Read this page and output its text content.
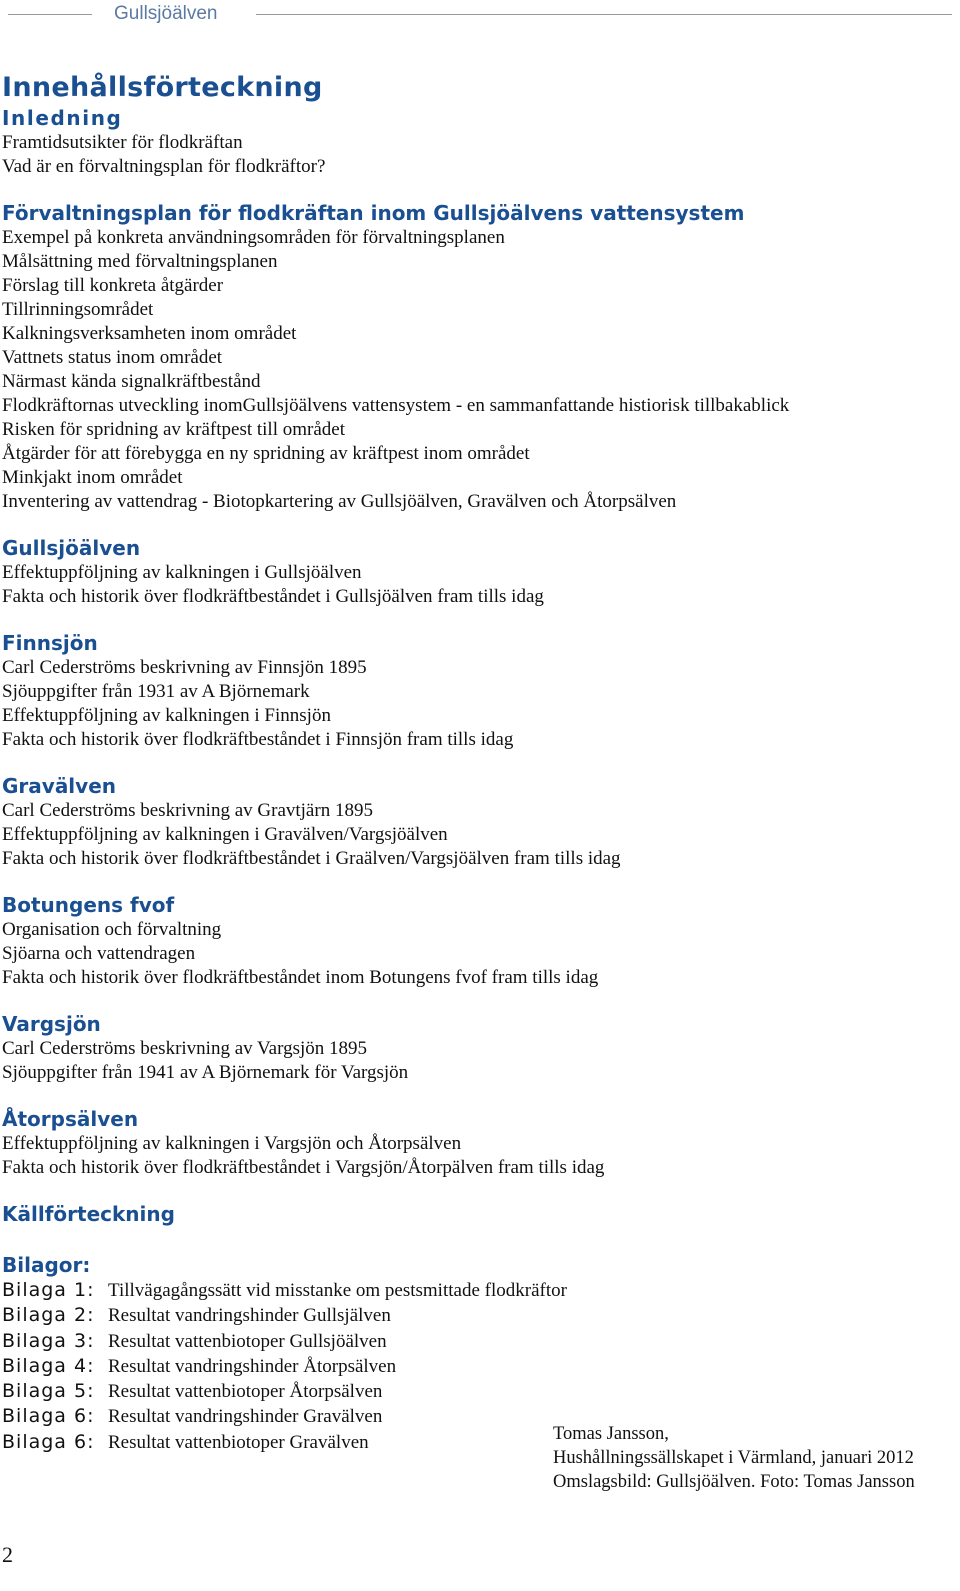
Gullsjöälven
Innehållsförteckning
Inledning
Framtidsutsikter för flodkräftan
Vad är en förvaltningsplan för flodkräftor?
Förvaltningsplan för flodkräftan inom Gullsjöälvens vattensystem
Exempel på konkreta användningsområden för förvaltningsplanen
Målsättning med förvaltningsplanen
Förslag till konkreta åtgärder
Tillrinningsområdet
Kalkningsverksamheten inom området
Vattnets status inom området
Närmast kända signalkräftbestånd
Flodkräftornas utveckling inomGullsjöälvens vattensystem - en sammanfattande histiorisk tillbakablick
Risken för spridning av kräftpest till området
Åtgärder för att förebygga en ny spridning av kräftpest inom området
Minkjakt inom området
Inventering av vattendrag - Biotopkartering av Gullsjöälven, Gravälven och Åtorpsälven
Gullsjöälven
Effektuppföljning av kalkningen i Gullsjöälven
Fakta och historik över flodkräftbeståndet i Gullsjöälven fram tills idag
Finnsjön
Carl Cederströms beskrivning av Finnsjön 1895
Sjöuppgifter från 1931 av A Björnemark
Effektuppföljning av kalkningen i Finnsjön
Fakta och historik över flodkräftbeståndet i Finnsjön fram tills idag
Gravälven
Carl Cederströms beskrivning av Gravtjärn 1895
Effektuppföljning av kalkningen i Gravälven/Vargsjöälven
Fakta och historik över flodkräftbeståndet i Graälven/Vargsjöälven fram tills idag
Botungens fvof
Organisation och förvaltning
Sjöarna och vattendragen
Fakta och historik över flodkräftbeståndet inom Botungens fvof fram tills idag
Vargsjön
Carl Cederströms beskrivning av Vargsjön 1895
Sjöuppgifter från 1941 av A Björnemark för Vargsjön
Åtorpsälven
Effektuppföljning av kalkningen i Vargsjön och Åtorpsälven
Fakta och historik över flodkräftbeståndet i Vargsjön/Åtorpälven fram tills idag
Källförteckning
Bilagor:
Bilaga 1: Tillvägagångssätt vid misstanke om pestsmittade flodkräftor
Bilaga 2: Resultat vandringshinder Gullsjälven
Bilaga 3: Resultat vattenbiotoper Gullsjöälven
Bilaga 4: Resultat vandringshinder Åtorpsälven
Bilaga 5: Resultat vattenbiotoper Åtorpsälven
Bilaga 6: Resultat vandringshinder Gravälven
Bilaga 6: Resultat vattenbiotoper Gravälven	Tomas Jansson,
Hushållningssällskapet i Värmland, januari 2012
Omslagsbild: Gullsjöälven. Foto: Tomas Jansson
2
